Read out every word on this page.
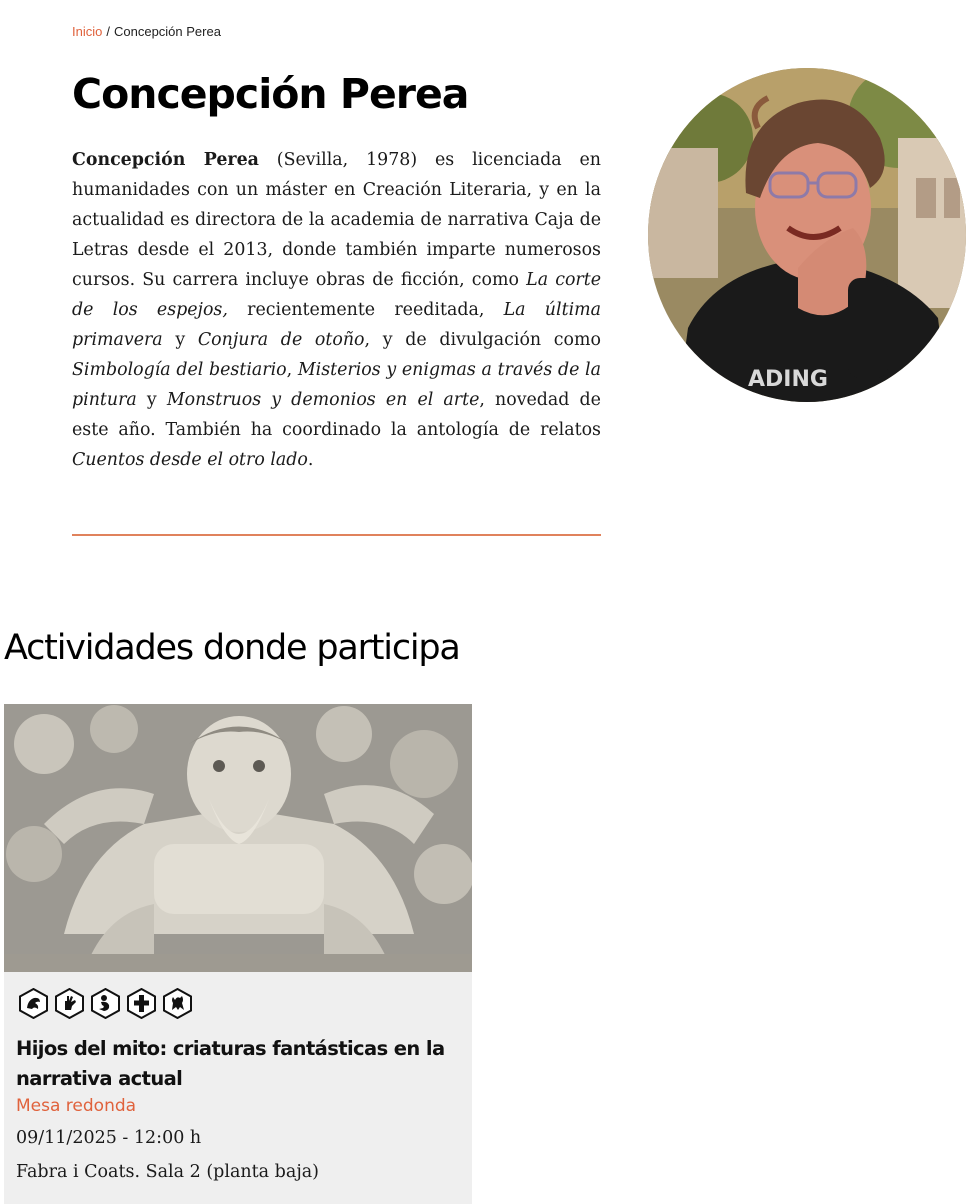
Inicio / Concepción Perea
Concepción Perea

Concepción Perea (Sevilla, 1978) es licenciada en humanidades con un máster en Creación Literaria, y en la actualidad es directora de la academia de narrativa Caja de Letras desde el 2013, donde también imparte numerosos cursos. Su carrera incluye obras de ficción, como La corte de los espejos, recientemente reeditada, La última primavera y Conjura de otoño, y de divulgación como Simbología del bestiario, Misterios y enigmas a través de la pintura y Monstruos y demonios en el arte, novedad de este año. También ha coordinado la antología de relatos Cuentos desde el otro lado.

ADING
Actividades donde participa
Hijos del mito: criaturas fantásticas en la narrativa actual
Mesa redonda
09/11/2025 - 12:00 h
Fabra i Coats. Sala 2 (planta baja)
